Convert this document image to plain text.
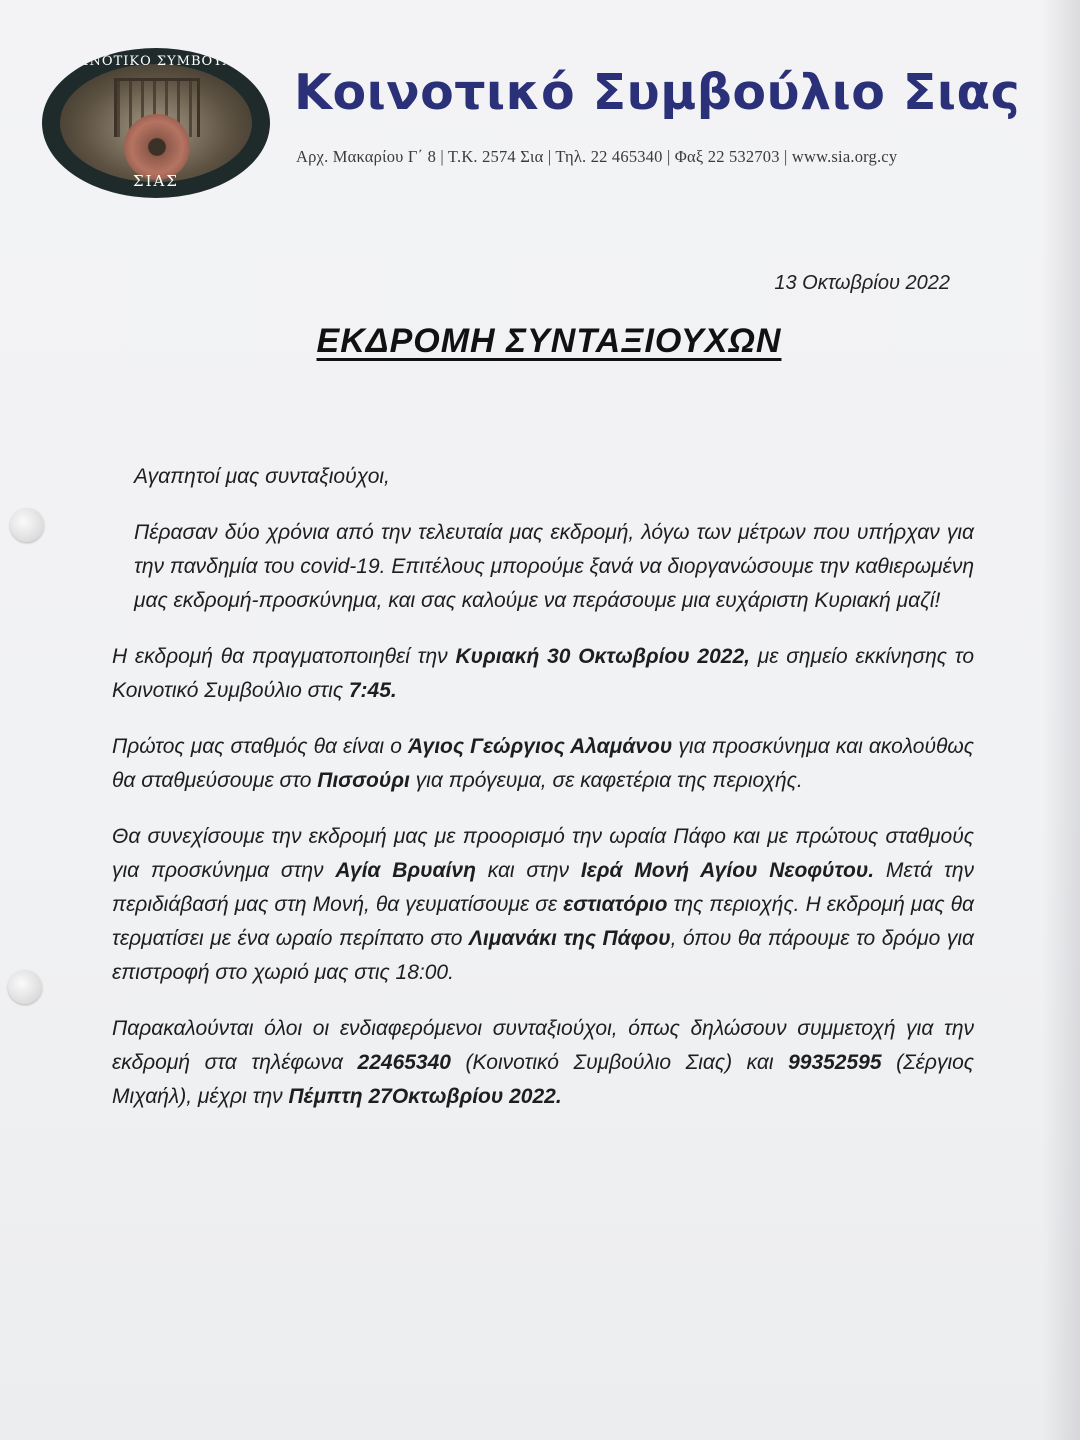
ΚΟΙΝΟΤΙΚΟ ΣΥΜΒΟΥΛΙΟ
ΣΙΑΣ
Κοινοτικό Συμβούλιο Σιας
Αρχ. Μακαρίου Γ΄ 8 | Τ.Κ. 2574 Σια | Τηλ. 22 465340 | Φαξ 22 532703 | www.sia.org.cy
13 Οκτωβρίου 2022
ΕΚΔΡΟΜΗ ΣΥΝΤΑΞΙΟΥΧΩΝ

Αγαπητοί μας συνταξιούχοι,

Πέρασαν δύο χρόνια από την τελευταία μας εκδρομή, λόγω των μέτρων που υπήρχαν για την πανδημία του covid-19. Επιτέλους μπορούμε ξανά να διοργανώσουμε την καθιερωμένη μας εκδρομή-προσκύνημα, και σας καλούμε να περάσουμε μια ευχάριστη Κυριακή μαζί!

Η εκδρομή θα πραγματοποιηθεί την Κυριακή 30 Οκτωβρίου 2022, με σημείο εκκίνησης το Κοινοτικό Συμβούλιο στις 7:45.

Πρώτος μας σταθμός θα είναι ο Άγιος Γεώργιος Αλαμάνου για προσκύνημα και ακολούθως θα σταθμεύσουμε στο Πισσούρι για πρόγευμα, σε καφετέρια της περιοχής.

Θα συνεχίσουμε την εκδρομή μας με προορισμό την ωραία Πάφο και με πρώτους σταθμούς για προσκύνημα στην Αγία Βρυαίνη και στην Ιερά Μονή Αγίου Νεοφύτου. Μετά την περιδιάβασή μας στη Μονή, θα γευματίσουμε σε εστιατόριο της περιοχής. Η εκδρομή μας θα τερματίσει με ένα ωραίο περίπατο στο Λιμανάκι της Πάφου, όπου θα πάρουμε το δρόμο για επιστροφή στο χωριό μας στις 18:00.

Παρακαλούνται όλοι οι ενδιαφερόμενοι συνταξιούχοι, όπως δηλώσουν συμμετοχή για την εκδρομή στα τηλέφωνα 22465340 (Κοινοτικό Συμβούλιο Σιας) και 99352595 (Σέργιος Μιχαήλ), μέχρι την Πέμπτη 27Οκτωβρίου 2022.
